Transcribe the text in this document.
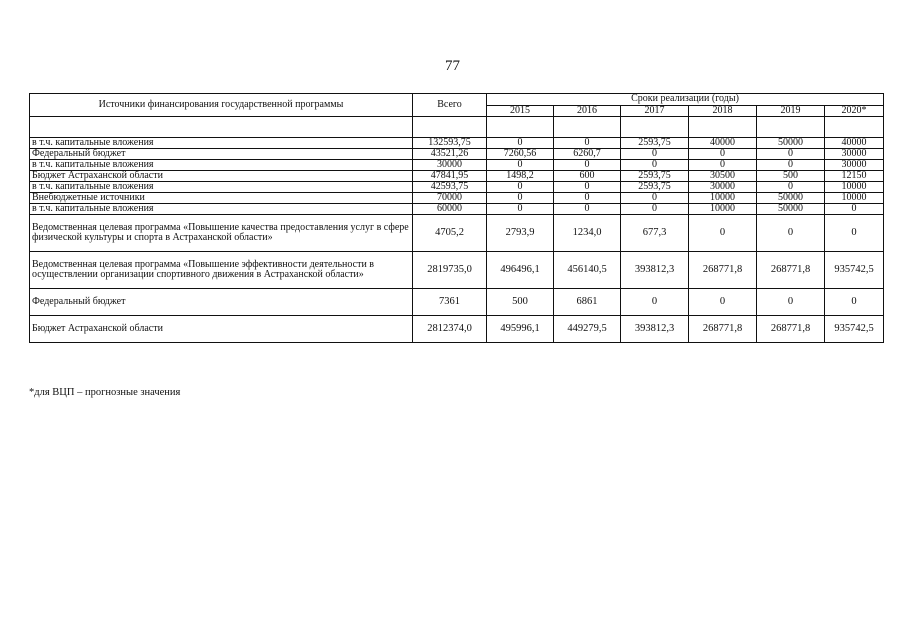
77
Источники финансирования государственной программы	Всего	Сроки реализации (годы)					
		2015	2016	2017	2018	2019	2020*

в т.ч. капитальные вложения	132593,75	0	0	2593,75	40000	50000	40000
Федеральный бюджет	43521,26	7260,56	6260,7	0	0	0	30000
в т.ч. капитальные вложения	30000	0	0	0	0	0	30000
Бюджет Астраханской области	47841,95	1498,2	600	2593,75	30500	500	12150
в т.ч. капитальные вложения	42593,75	0	0	2593,75	30000	0	10000
Внебюджетные источники	70000	0	0	0	10000	50000	10000
в т.ч. капитальные вложения	60000	0	0	0	10000	50000	0
Ведомственная целевая программа «Повышение качества предоставления услуг в сфере физической культуры и спорта в Астраханской области»	4705,2	2793,9	1234,0	677,3	0	0	0
Ведомственная целевая программа «Повышение эффективности деятельности в осуществлении организации спортивного движения в Астраханской области»	2819735,0	496496,1	456140,5	393812,3	268771,8	268771,8	935742,5
Федеральный бюджет	7361	500	6861	0	0	0	0
Бюджет Астраханской области	2812374,0	495996,1	449279,5	393812,3	268771,8	268771,8	935742,5
*для ВЦП – прогнозные значения
